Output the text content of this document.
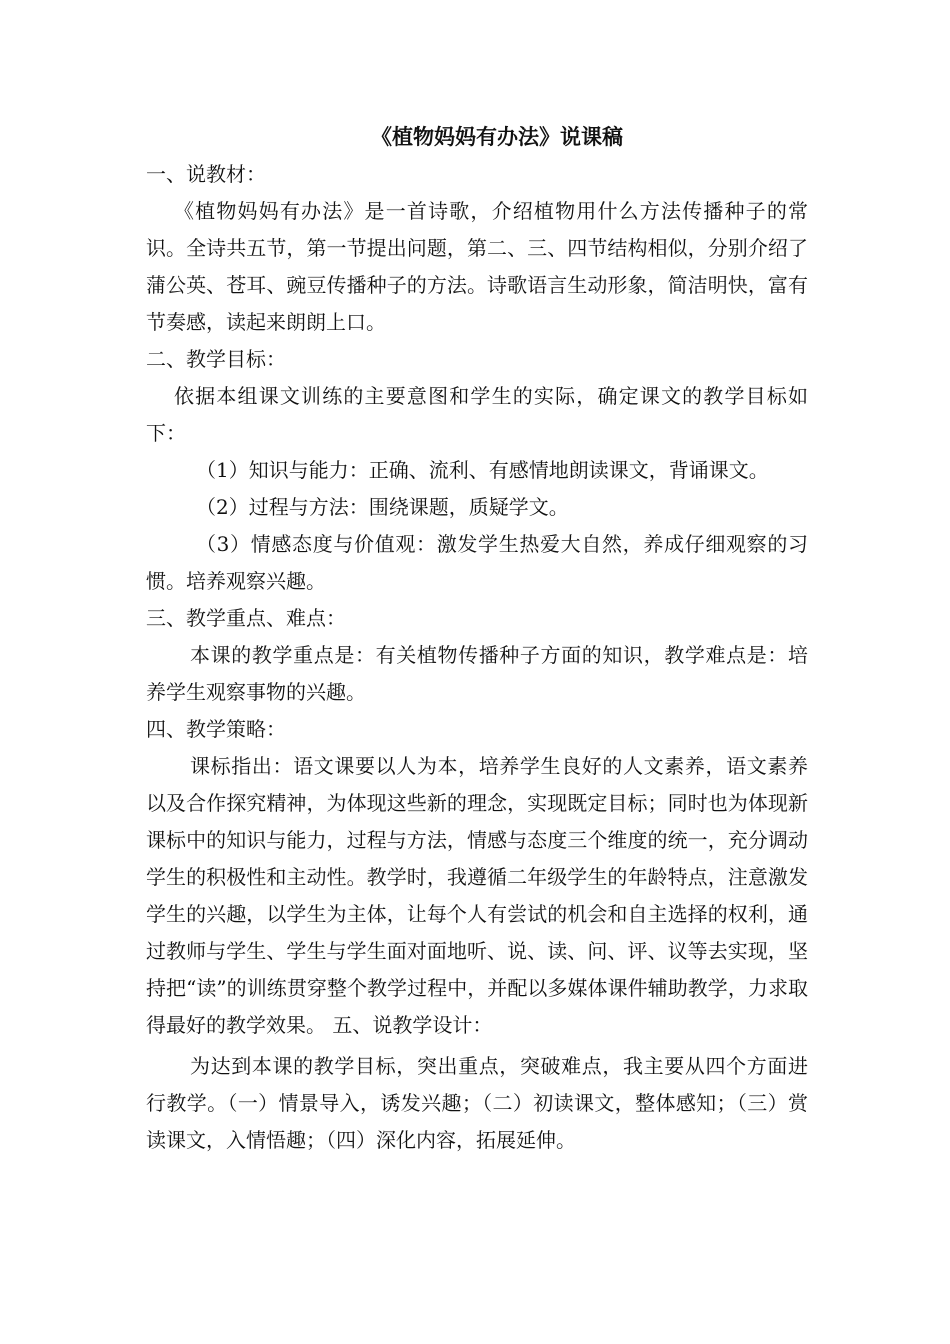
《植物妈妈有办法》说课稿

一、说教材：

《植物妈妈有办法》是一首诗歌，介绍植物用什么方法传播种子的常识。全诗共五节，第一节提出问题，第二、三、四节结构相似，分别介绍了蒲公英、苍耳、豌豆传播种子的方法。诗歌语言生动形象，简洁明快，富有节奏感，读起来朗朗上口。

二、教学目标：

依据本组课文训练的主要意图和学生的实际，确定课文的教学目标如下：

（1）知识与能力：正确、流利、有感情地朗读课文，背诵课文。

（2）过程与方法：围绕课题，质疑学文。

（3）情感态度与价值观：激发学生热爱大自然，养成仔细观察的习惯。培养观察兴趣。

三、教学重点、难点：

本课的教学重点是：有关植物传播种子方面的知识，教学难点是：培养学生观察事物的兴趣。

四、教学策略：

课标指出：语文课要以人为本，培养学生良好的人文素养，语文素养以及合作探究精神，为体现这些新的理念，实现既定目标；同时也为体现新课标中的知识与能力，过程与方法，情感与态度三个维度的统一，充分调动学生的积极性和主动性。教学时，我遵循二年级学生的年龄特点，注意激发学生的兴趣，以学生为主体，让每个人有尝试的机会和自主选择的权利，通过教师与学生、学生与学生面对面地听、说、读、问、评、议等去实现，坚持把“读”的训练贯穿整个教学过程中，并配以多媒体课件辅助教学，力求取得最好的教学效果。 五、说教学设计：

为达到本课的教学目标，突出重点，突破难点，我主要从四个方面进行教学。（一）情景导入，诱发兴趣；（二）初读课文，整体感知；（三）赏读课文，入情悟趣；（四）深化内容，拓展延伸。
